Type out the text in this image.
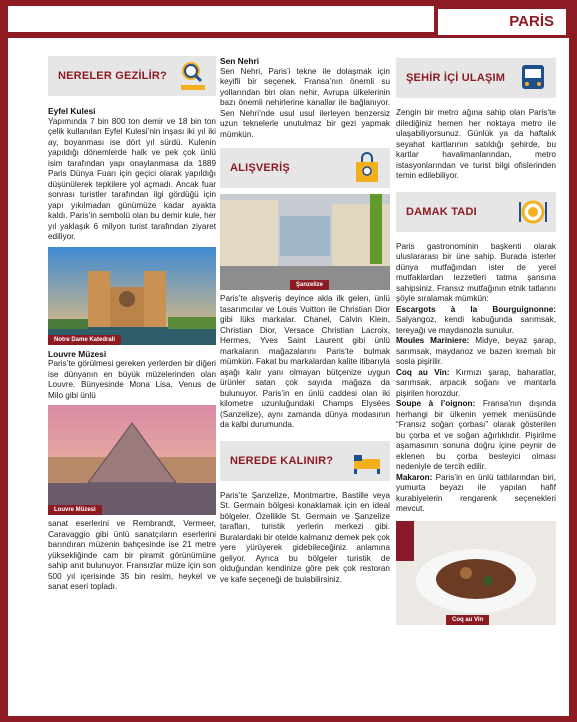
PARİS
NERELER GEZİLİR?
Eyfel Kulesi

Yapımında 7 bin 800 ton demir ve 18 bin ton çelik kullanılan Eyfel Kulesi’nin inşası iki yıl iki ay, boyanması ise dört yıl sürdü. Kulenin yapıldığı dönemlerde halk ve pek çok ünlü isim tarafından yapı onaylanmasa da 1889 Paris Dünya Fuarı için geçici olarak yapıldığı düşünülerek tepkilere yol açmadı. Ancak fuar sonrası turistler tarafından ilgi gördüğü için yapı yıkılmadan günümüze kadar ayakta kaldı. Paris’in sembolü olan bu demir kule, her yıl yaklaşık 6 milyon turist tarafından ziyaret ediliyor.

Notre Dame Katedrali
Louvre Müzesi

Paris’te görülmesi gereken yerlerden bir diğeri ise dünyanın en büyük müzelerinden olan Louvre. Bünyesinde Mona Lisa, Venus de Milo gibi ünlü

Louvre Müzesi

sanat eserlerini ve Rembrandt, Vermeer, Caravaggio gibi ünlü sanatçıların eserlerini barındıran müzenin bahçesinde ise 21 metre yüksekliğinde cam bir piramit görünümüne sahip anıt bulunuyor. Fransızlar müze için son 500 yıl içerisinde 35 bin resim, heykel ve sanat eseri topladı.

Sen Nehri

Sen Nehri, Paris’i tekne ile dolaşmak için keyifli bir seçenek. Fransa’nın önemli su yollarından biri olan nehir, Avrupa ülkelerinin bazı önemli nehirlerine kanallar ile bağlanıyor. Sen Nehri’nde usul usul ilerleyen benzersiz uzun teknelerle unutulmaz bir gezi yapmak mümkün.

ALIŞVERİŞ
Şanzelize

Paris’te alışveriş deyince akla ilk gelen, ünlü tasarımcılar ve Louis Vuitton ile Christian Dior gibi lüks markalar. Chanel, Calvin Klein, Christian Dior, Versace Christian Lacroix, Hermes, Yves Saint Laurent gibi ünlü markaların mağazalarını Paris’te bulmak mümkün. Fakat bu markalardan kalite itibarıyla aşağı kalır yanı olmayan bütçenize uygun ürünler satan çok sayıda mağaza da bulunuyor. Paris’in en ünlü caddesi olan iki kilometre uzunluğundaki Champs Elysées (Sanzelize), aynı zamanda dünya modasının da kalbi durumunda.

NEREDE KALINIR?

Paris’te Şanzelize, Montmartre, Bastille veya St. Germain bölgesi konaklamak için en ideal bölgeler. Özellikle St. Germain ve Şanzelize tarafları, turistik yerlerin merkezi gibi. Buralardaki bir otelde kalmanız demek pek çok yere yürüyerek gidebileceğiniz anlamına geliyor. Ayrıca bu bölgeler turistik de olduğundan kendinize göre pek çok restoran ve kafe seçeneği de bulabilirsiniz.

ŞEHİR İÇİ ULAŞIM

Zengin bir metro ağına sahip olan Paris’te dilediğiniz hemen her noktaya metro ile ulaşabiliyorsunuz. Günlük ya da haftalık seyahat kartlarının satıldığı şehirde, bu kartlar havalimanlarından, metro istasyonlarından ve turist bilgi ofislerinden temin edilebiliyor.

DAMAK TADI

Paris gastronominin başkenti olarak uluslararası bir üne sahip. Burada isterler dünya mutfağından ister de yerel mutfaklardan lezzetleri tatma şansına sahipsiniz. Fransız mutfağının etnik tatlarını şöyle sıralamak mümkün:

Escargots à la Bourguignonne: Salyangoz, kendi kabuğunda sarımsak, tereyağı ve maydanozla sunulur.

Moules Mariniere: Midye, beyaz şarap, sarımsak, maydanoz ve bazen kremalı bir sosla pişirilir.

Coq au Vin: Kırmızı şarap, baharatlar, sarımsak, arpacık soğanı ve mantarla pişirilen horozdur.

Soupe à l’oignon: Fransa’nın dışında herhangi bir ülkenin yemek menüsünde “Fransız soğan çorbası” olarak gösterilen bu çorba et ve soğan ağırlıklıdır. Pişirilme aşamasının sonuna doğru içine peynir de eklenen bu çorba besleyici olması nedeniyle de tercih edilir.

Makaron: Paris’in en ünlü tatlılarından biri, yumurta beyazı ile yapılan hafif kurabiyelerin rengarenk seçenekleri mevcut.

Coq au Vin
